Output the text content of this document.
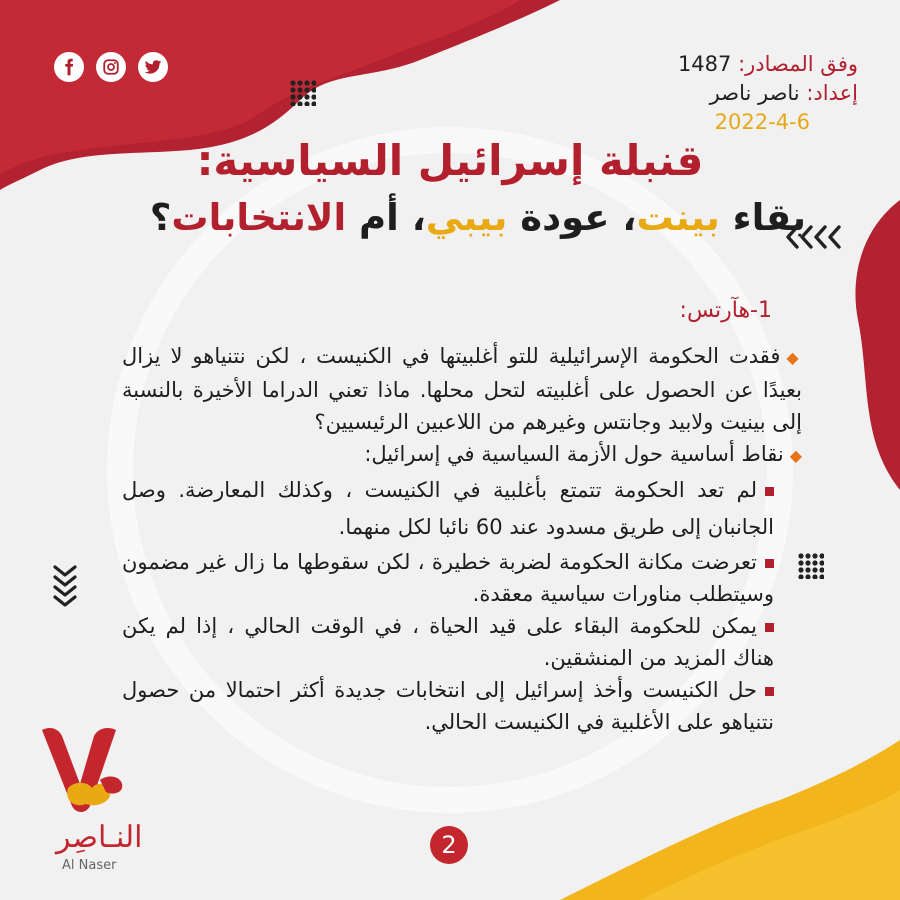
وفق المصادر: 1487
إعداد: ناصر ناصر
2022-4-6
قنبلة إسرائيل السياسية:
بقاء بينت، عودة بيبي، أم الانتخابات؟
1-هآرتس:

◆فقدت الحكومة الإسرائيلية للتو أغلبيتها في الكنيست ، لكن نتنياهو لا يزال بعيدًا عن الحصول على أغلبيته لتحل محلها. ماذا تعني الدراما الأخيرة بالنسبة إلى بينيت ولابيد وجانتس وغيرهم من اللاعبين الرئيسيين؟

◆نقاط أساسية حول الأزمة السياسية في إسرائيل:

لم تعد الحكومة تتمتع بأغلبية في الكنيست ، وكذلك المعارضة. وصل الجانبان إلى طريق مسدود عند 60 نائبا لكل منهما.

تعرضت مكانة الحكومة لضربة خطيرة ، لكن سقوطها ما زال غير مضمون وسيتطلب مناورات سياسية معقدة.

يمكن للحكومة البقاء على قيد الحياة ، في الوقت الحالي ، إذا لم يكن هناك المزيد من المنشقين.

حل الكنيست وأخذ إسرائيل إلى انتخابات جديدة أكثر احتمالا من حصول نتنياهو على الأغلبية في الكنيست الحالي.

النـاصِر
Al Naser
2
